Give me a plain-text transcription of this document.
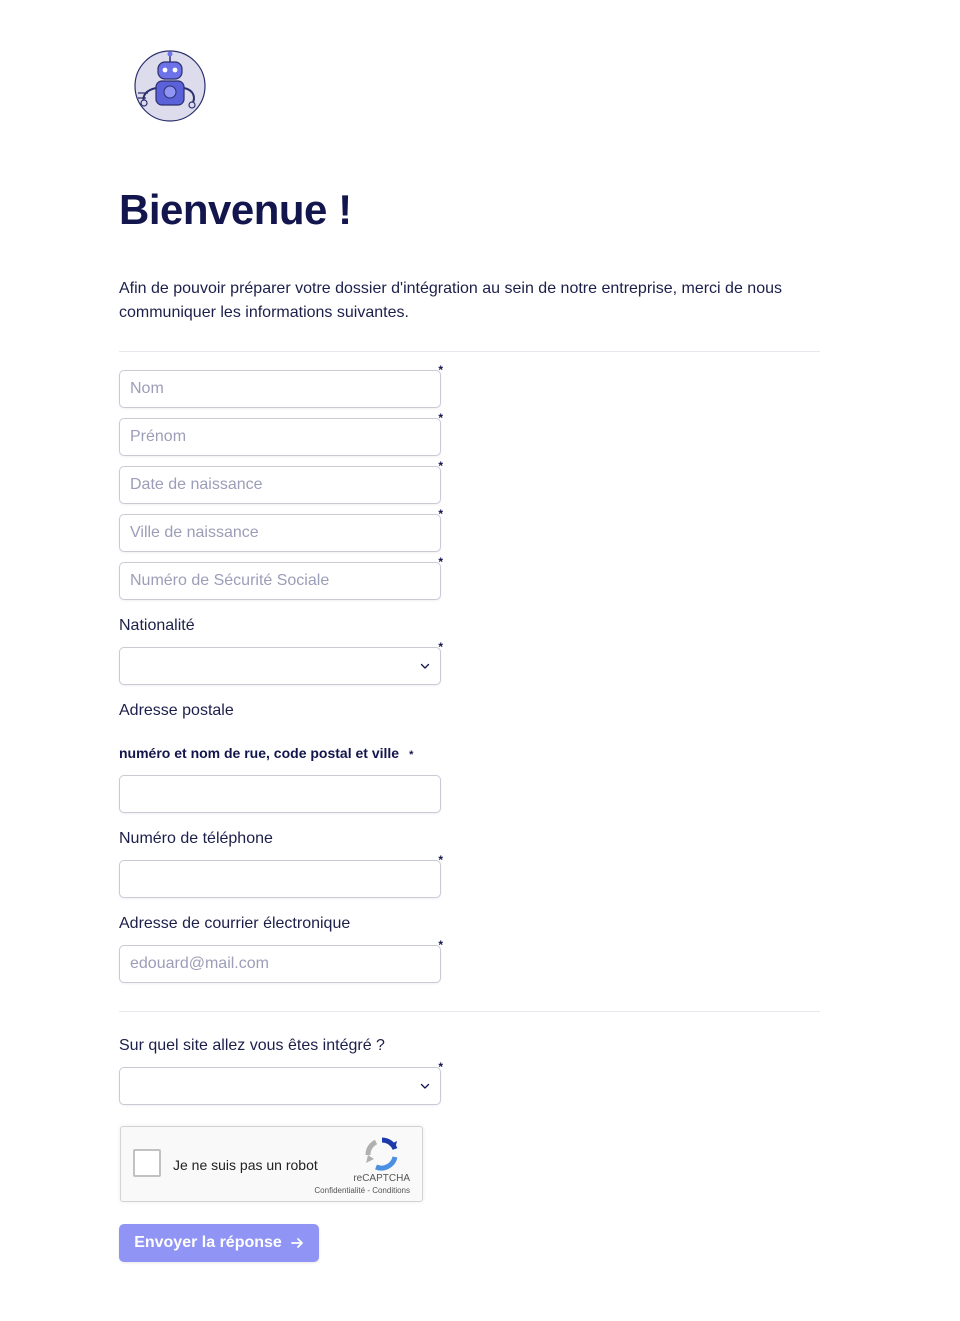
Bienvenue !

Afin de pouvoir préparer votre dossier d'intégration au sein de notre entreprise, merci de nous communiquer les informations suivantes.

Nom
*
Prénom
*
Date de naissance
*
Ville de naissance
*
Numéro de Sécurité Sociale
*
Nationalité
*
Adresse postale
numéro et nom de rue, code postal et ville *
Numéro de téléphone
*
Adresse de courrier électronique
edouard@mail.com
*
Sur quel site allez vous êtes intégré ?
*
Je ne suis pas un robot
reCAPTCHA
Confidentialité - Conditions
Envoyer la réponse
